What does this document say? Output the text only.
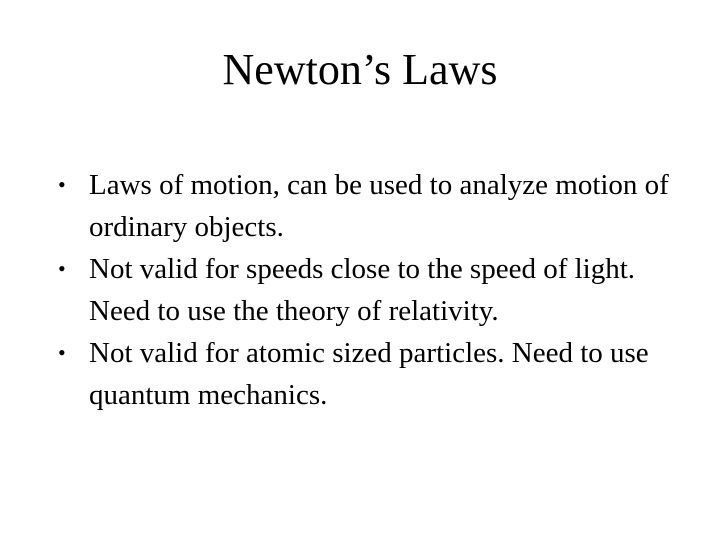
Newton’s Laws
• Laws of motion, can be used to analyze motion of ordinary objects.
• Not valid for speeds close to the speed of light. Need to use the theory of relativity.
• Not valid for atomic sized particles. Need to use quantum mechanics.
